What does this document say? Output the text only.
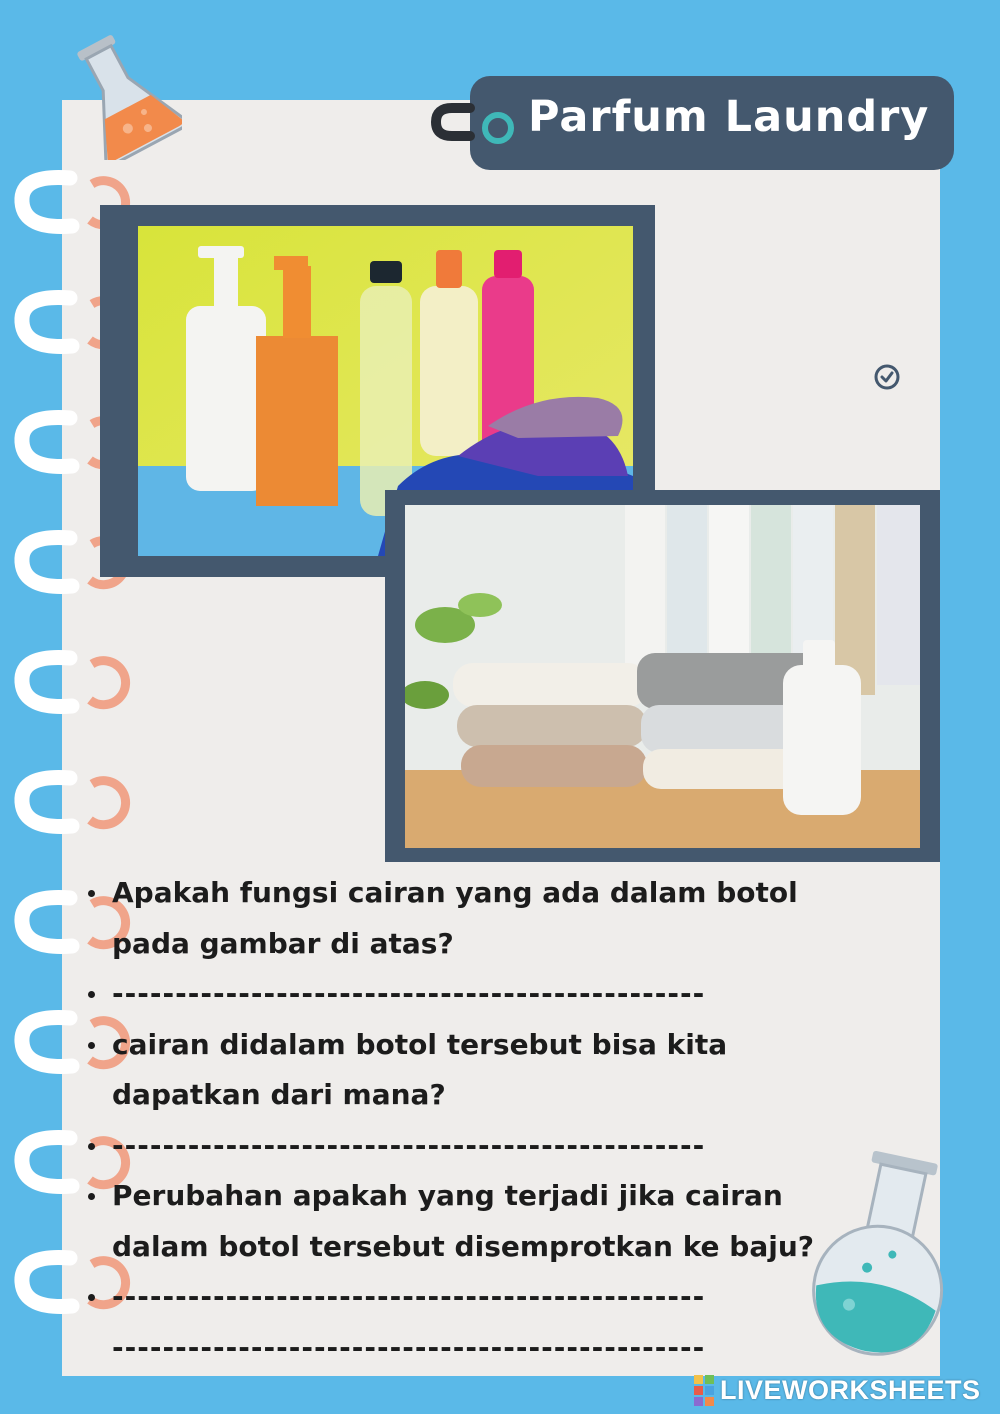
Parfum Laundry
Apakah fungsi cairan yang ada dalam botol
pada gambar di atas?
-----------------------------------------------
cairan didalam botol tersebut bisa kita
dapatkan dari mana?
-----------------------------------------------
Perubahan apakah yang terjadi jika cairan
dalam botol tersebut disemprotkan ke baju?
-----------------------------------------------
-----------------------------------------------
LIVEWORKSHEETS
